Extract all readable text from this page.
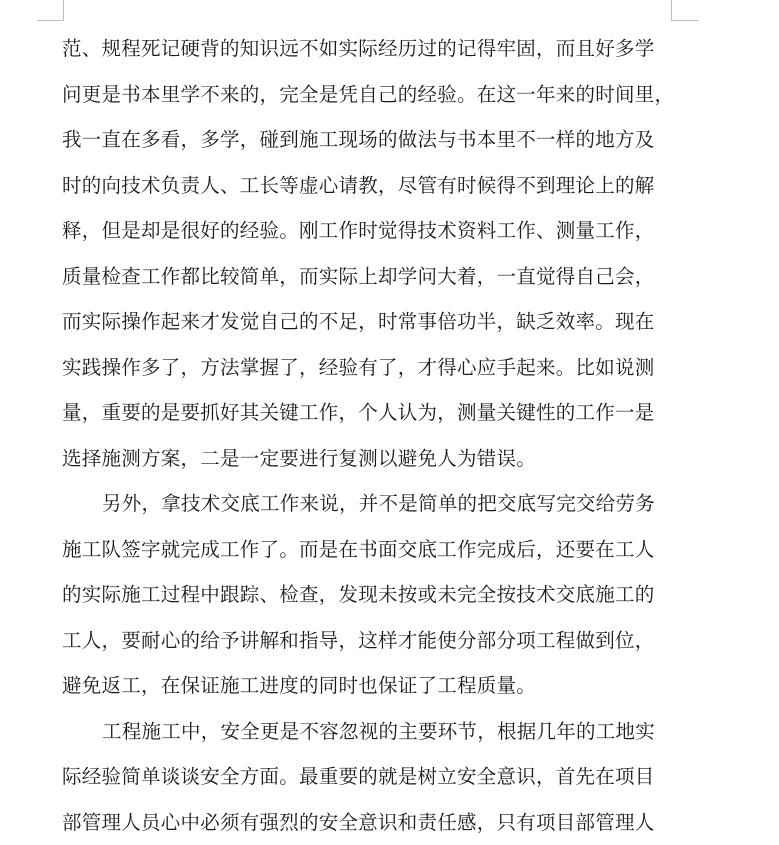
范、规程死记硬背的知识远不如实际经历过的记得牢固，而且好多学
问更是书本里学不来的，完全是凭自己的经验。在这一年来的时间里，
我一直在多看，多学，碰到施工现场的做法与书本里不一样的地方及
时的向技术负责人、工长等虚心请教，尽管有时候得不到理论上的解
释，但是却是很好的经验。刚工作时觉得技术资料工作、测量工作，
质量检查工作都比较简单，而实际上却学问大着，一直觉得自己会，
而实际操作起来才发觉自己的不足，时常事倍功半，缺乏效率。现在
实践操作多了，方法掌握了，经验有了，才得心应手起来。比如说测
量，重要的是要抓好其关键工作，个人认为，测量关键性的工作一是
选择施测方案，二是一定要进行复测以避免人为错误。
另外，拿技术交底工作来说，并不是简单的把交底写完交给劳务
施工队签字就完成工作了。而是在书面交底工作完成后，还要在工人
的实际施工过程中跟踪、检查，发现未按或未完全按技术交底施工的
工人，要耐心的给予讲解和指导，这样才能使分部分项工程做到位，
避免返工，在保证施工进度的同时也保证了工程质量。
工程施工中，安全更是不容忽视的主要环节，根据几年的工地实
际经验简单谈谈安全方面。最重要的就是树立安全意识，首先在项目
部管理人员心中必须有强烈的安全意识和责任感，只有项目部管理人
